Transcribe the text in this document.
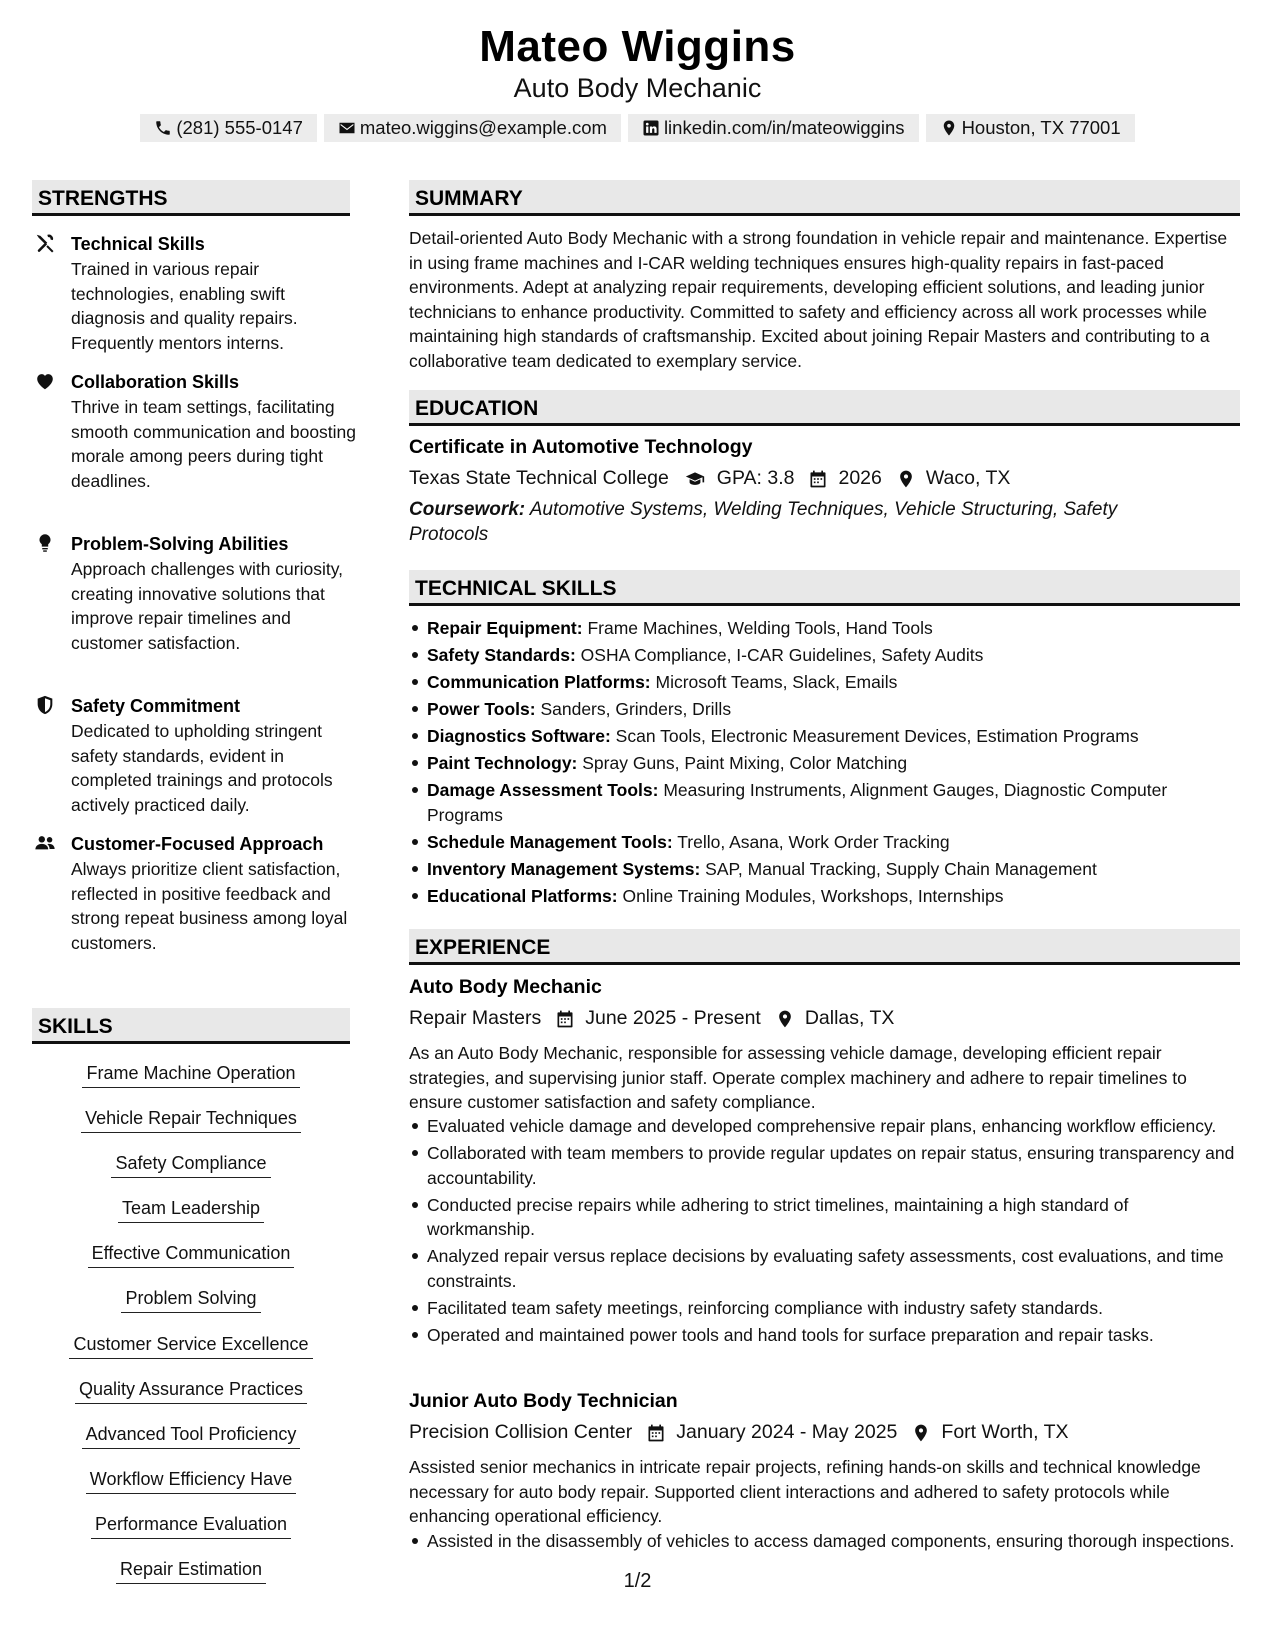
Mateo Wiggins
Auto Body Mechanic
(281) 555-0147	mateo.wiggins@example.com	linkedin.com/in/mateowiggins	Houston, TX 77001
STRENGTHS
Technical Skills
Trained in various repair technologies, enabling swift diagnosis and quality repairs. Frequently mentors interns.
Collaboration Skills
Thrive in team settings, facilitating smooth communication and boosting morale among peers during tight deadlines.
Problem-Solving Abilities
Approach challenges with curiosity, creating innovative solutions that improve repair timelines and customer satisfaction.
Safety Commitment
Dedicated to upholding stringent safety standards, evident in completed trainings and protocols actively practiced daily.
Customer-Focused Approach
Always prioritize client satisfaction, reflected in positive feedback and strong repeat business among loyal customers.
SKILLS
Frame Machine Operation
Vehicle Repair Techniques
Safety Compliance
Team Leadership
Effective Communication
Problem Solving
Customer Service Excellence
Quality Assurance Practices
Advanced Tool Proficiency
Workflow Efficiency Have
Performance Evaluation
Repair Estimation
SUMMARY
Detail-oriented Auto Body Mechanic with a strong foundation in vehicle repair and maintenance. Expertise in using frame machines and I-CAR welding techniques ensures high-quality repairs in fast-paced environments. Adept at analyzing repair requirements, developing efficient solutions, and leading junior technicians to enhance productivity. Committed to safety and efficiency across all work processes while maintaining high standards of craftsmanship. Excited about joining Repair Masters and contributing to a collaborative team dedicated to exemplary service.
EDUCATION
Certificate in Automotive Technology
Texas State Technical College GPA: 3.8 2026 Waco, TX
Coursework: Automotive Systems, Welding Techniques, Vehicle Structuring, Safety Protocols
TECHNICAL SKILLS
Repair Equipment: Frame Machines, Welding Tools, Hand Tools
Safety Standards: OSHA Compliance, I-CAR Guidelines, Safety Audits
Communication Platforms: Microsoft Teams, Slack, Emails
Power Tools: Sanders, Grinders, Drills
Diagnostics Software: Scan Tools, Electronic Measurement Devices, Estimation Programs
Paint Technology: Spray Guns, Paint Mixing, Color Matching
Damage Assessment Tools: Measuring Instruments, Alignment Gauges, Diagnostic Computer Programs
Schedule Management Tools: Trello, Asana, Work Order Tracking
Inventory Management Systems: SAP, Manual Tracking, Supply Chain Management
Educational Platforms: Online Training Modules, Workshops, Internships
EXPERIENCE
Auto Body Mechanic
Repair Masters June 2025 - Present Dallas, TX
As an Auto Body Mechanic, responsible for assessing vehicle damage, developing efficient repair strategies, and supervising junior staff. Operate complex machinery and adhere to repair timelines to ensure customer satisfaction and safety compliance.
Evaluated vehicle damage and developed comprehensive repair plans, enhancing workflow efficiency.
Collaborated with team members to provide regular updates on repair status, ensuring transparency and accountability.
Conducted precise repairs while adhering to strict timelines, maintaining a high standard of workmanship.
Analyzed repair versus replace decisions by evaluating safety assessments, cost evaluations, and time constraints.
Facilitated team safety meetings, reinforcing compliance with industry safety standards.
Operated and maintained power tools and hand tools for surface preparation and repair tasks.
Junior Auto Body Technician
Precision Collision Center January 2024 - May 2025 Fort Worth, TX
Assisted senior mechanics in intricate repair projects, refining hands-on skills and technical knowledge necessary for auto body repair. Supported client interactions and adhered to safety protocols while enhancing operational efficiency.
Assisted in the disassembly of vehicles to access damaged components, ensuring thorough inspections.
1/2
